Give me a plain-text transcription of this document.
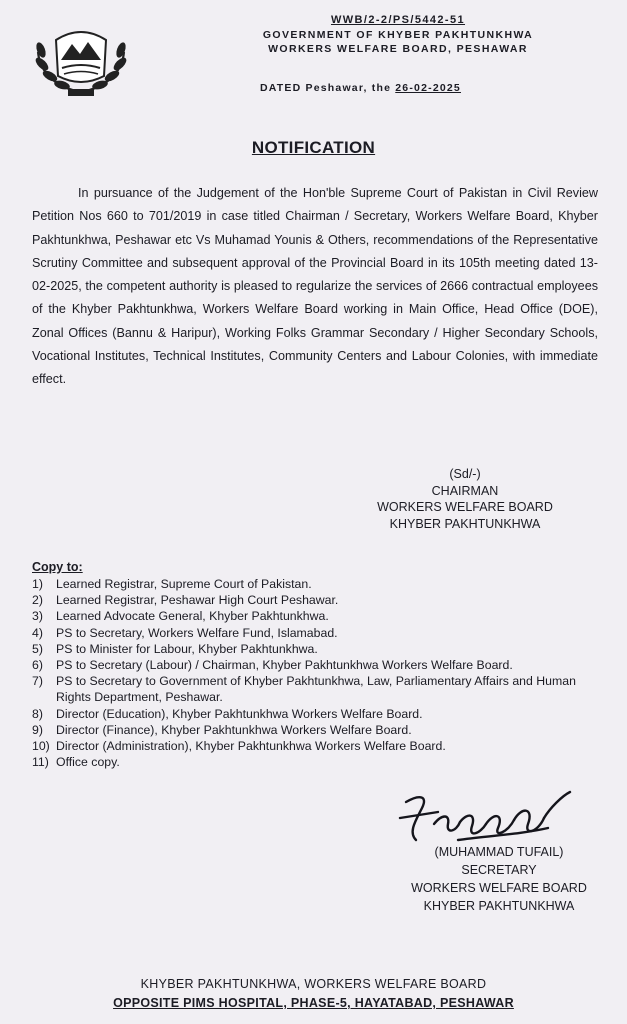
WWB/2-2/PS/5442-51
GOVERNMENT OF KHYBER PAKHTUNKHWA
WORKERS WELFARE BOARD, PESHAWAR
DATED Peshawar, the 26-02-2025
NOTIFICATION
In pursuance of the Judgement of the Hon'ble Supreme Court of Pakistan in Civil Review Petition Nos 660 to 701/2019 in case titled Chairman / Secretary, Workers Welfare Board, Khyber Pakhtunkhwa, Peshawar etc Vs Muhamad Younis & Others, recommendations of the Representative Scrutiny Committee and subsequent approval of the Provincial Board in its 105th meeting dated 13-02-2025, the competent authority is pleased to regularize the services of 2666 contractual employees of the Khyber Pakhtunkhwa, Workers Welfare Board working in Main Office, Head Office (DOE), Zonal Offices (Bannu & Haripur), Working Folks Grammar Secondary / Higher Secondary Schools, Vocational Institutes, Technical Institutes, Community Centers and Labour Colonies, with immediate effect.
(Sd/-)
CHAIRMAN
WORKERS WELFARE BOARD
KHYBER PAKHTUNKHWA
Copy to:
1)	Learned Registrar, Supreme Court of Pakistan.
2)	Learned Registrar, Peshawar High Court Peshawar.
3)	Learned Advocate General, Khyber Pakhtunkhwa.
4)	PS to Secretary, Workers Welfare Fund, Islamabad.
5)	PS to Minister for Labour, Khyber Pakhtunkhwa.
6)	PS to Secretary (Labour) / Chairman, Khyber Pakhtunkhwa Workers Welfare Board.
7)	PS to Secretary to Government of Khyber Pakhtunkhwa, Law, Parliamentary Affairs and Human Rights Department, Peshawar.
8)	Director (Education), Khyber Pakhtunkhwa Workers Welfare Board.
9)	Director (Finance), Khyber Pakhtunkhwa Workers Welfare Board.
10) Director (Administration), Khyber Pakhtunkhwa Workers Welfare Board.
11) Office copy.
(MUHAMMAD TUFAIL)
SECRETARY
WORKERS WELFARE BOARD
KHYBER PAKHTUNKHWA
KHYBER PAKHTUNKHWA, WORKERS WELFARE BOARD
OPPOSITE PIMS HOSPITAL, PHASE-5, HAYATABAD, PESHAWAR
